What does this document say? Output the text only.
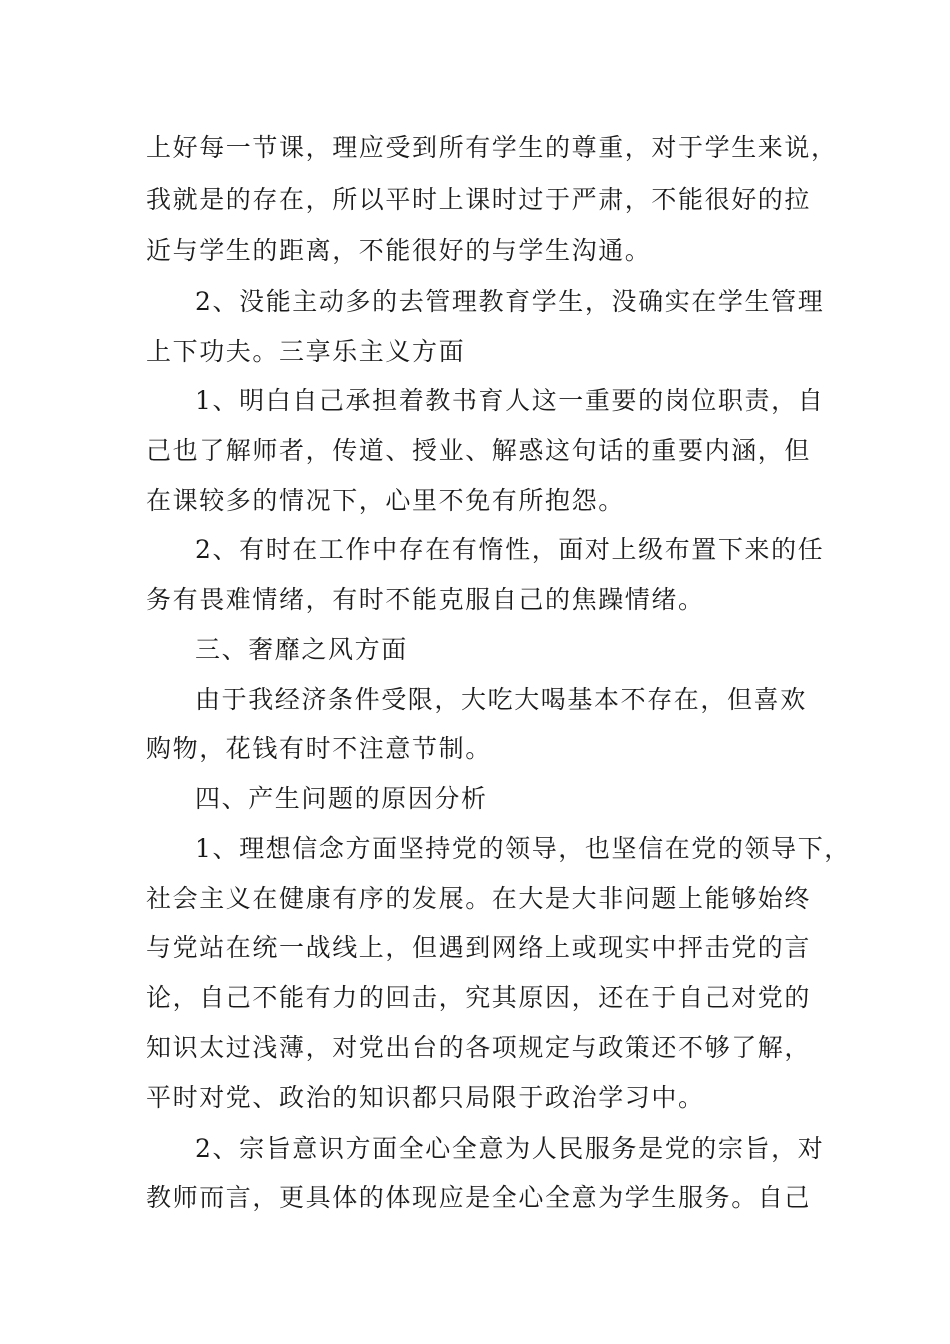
上好每一节课，理应受到所有学生的尊重，对于学生来说，
我就是的存在，所以平时上课时过于严肃，不能很好的拉
近与学生的距离，不能很好的与学生沟通。
2、没能主动多的去管理教育学生，没确实在学生管理
上下功夫。三享乐主义方面
1、明白自己承担着教书育人这一重要的岗位职责，自
己也了解师者，传道、授业、解惑这句话的重要内涵，但
在课较多的情况下，心里不免有所抱怨。
2、有时在工作中存在有惰性，面对上级布置下来的任
务有畏难情绪，有时不能克服自己的焦躁情绪。
三、奢靡之风方面
由于我经济条件受限，大吃大喝基本不存在，但喜欢
购物，花钱有时不注意节制。
四、产生问题的原因分析
1、理想信念方面坚持党的领导，也坚信在党的领导下，
社会主义在健康有序的发展。在大是大非问题上能够始终
与党站在统一战线上，但遇到网络上或现实中抨击党的言
论，自己不能有力的回击，究其原因，还在于自己对党的
知识太过浅薄，对党出台的各项规定与政策还不够了解，
平时对党、政治的知识都只局限于政治学习中。
2、宗旨意识方面全心全意为人民服务是党的宗旨，对
教师而言，更具体的体现应是全心全意为学生服务。自己
